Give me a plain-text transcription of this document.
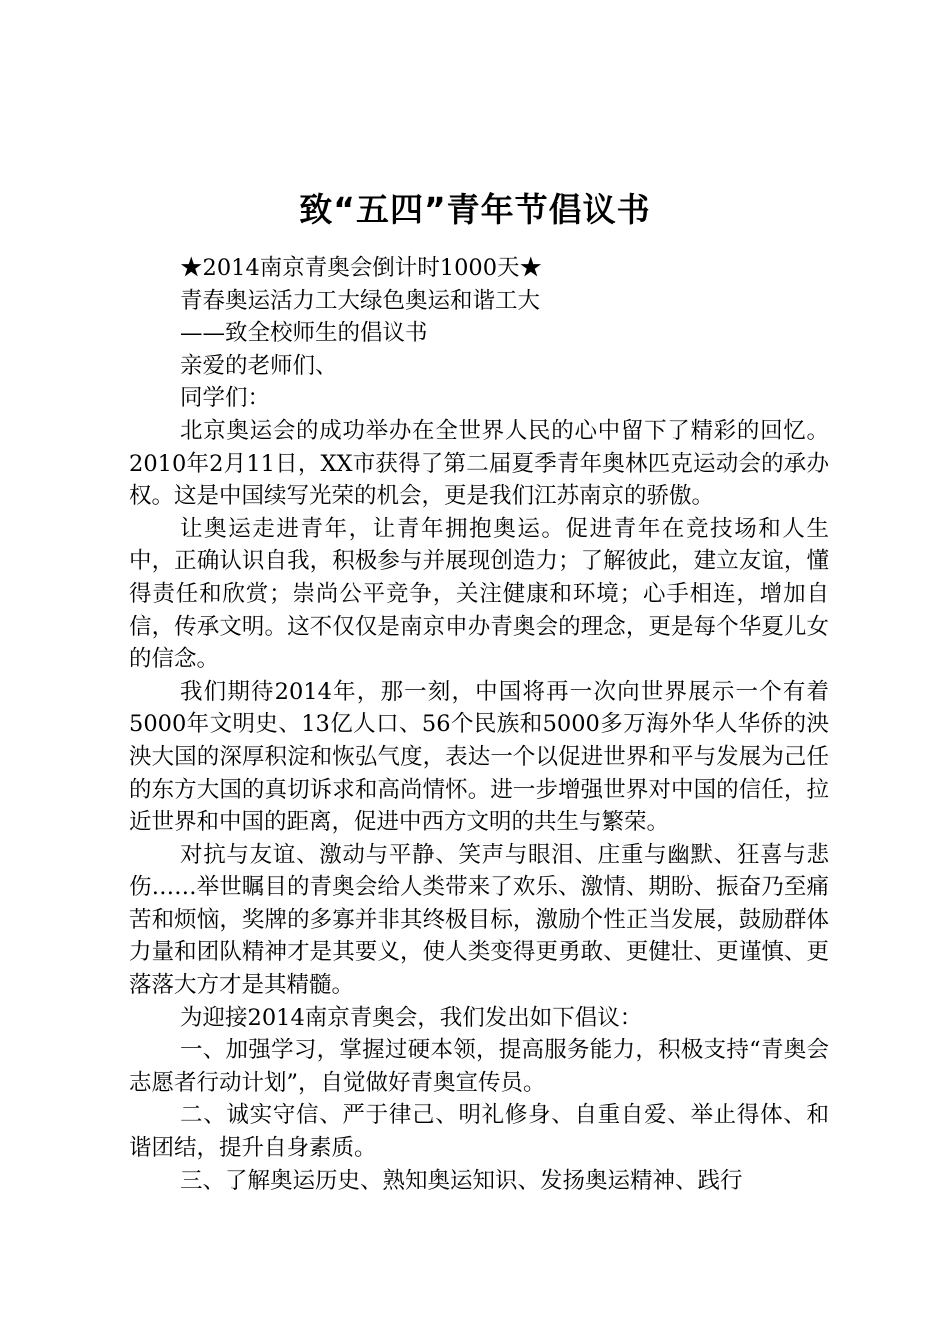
致“五四”青年节倡议书

★2014南京青奥会倒计时1000天★

青春奥运活力工大绿色奥运和谐工大

——致全校师生的倡议书

亲爱的老师们、

同学们：

北京奥运会的成功举办在全世界人民的心中留下了精彩的回忆。2010年2月11日，XX市获得了第二届夏季青年奥林匹克运动会的承办权。这是中国续写光荣的机会，更是我们江苏南京的骄傲。

让奥运走进青年，让青年拥抱奥运。促进青年在竞技场和人生中，正确认识自我，积极参与并展现创造力；了解彼此，建立友谊，懂得责任和欣赏；崇尚公平竞争，关注健康和环境；心手相连，增加自信，传承文明。这不仅仅是南京申办青奥会的理念，更是每个华夏儿女的信念。

我们期待2014年，那一刻，中国将再一次向世界展示一个有着5000年文明史、13亿人口、56个民族和5000多万海外华人华侨的泱泱大国的深厚积淀和恢弘气度，表达一个以促进世界和平与发展为己任的东方大国的真切诉求和高尚情怀。进一步增强世界对中国的信任，拉近世界和中国的距离，促进中西方文明的共生与繁荣。

对抗与友谊、激动与平静、笑声与眼泪、庄重与幽默、狂喜与悲伤……举世瞩目的青奥会给人类带来了欢乐、激情、期盼、振奋乃至痛苦和烦恼，奖牌的多寡并非其终极目标，激励个性正当发展，鼓励群体力量和团队精神才是其要义，使人类变得更勇敢、更健壮、更谨慎、更落落大方才是其精髓。

为迎接2014南京青奥会，我们发出如下倡议：

一、加强学习，掌握过硬本领，提高服务能力，积极支持“青奥会志愿者行动计划”，自觉做好青奥宣传员。

二、诚实守信、严于律己、明礼修身、自重自爱、举止得体、和谐团结，提升自身素质。

三、了解奥运历史、熟知奥运知识、发扬奥运精神、践行
